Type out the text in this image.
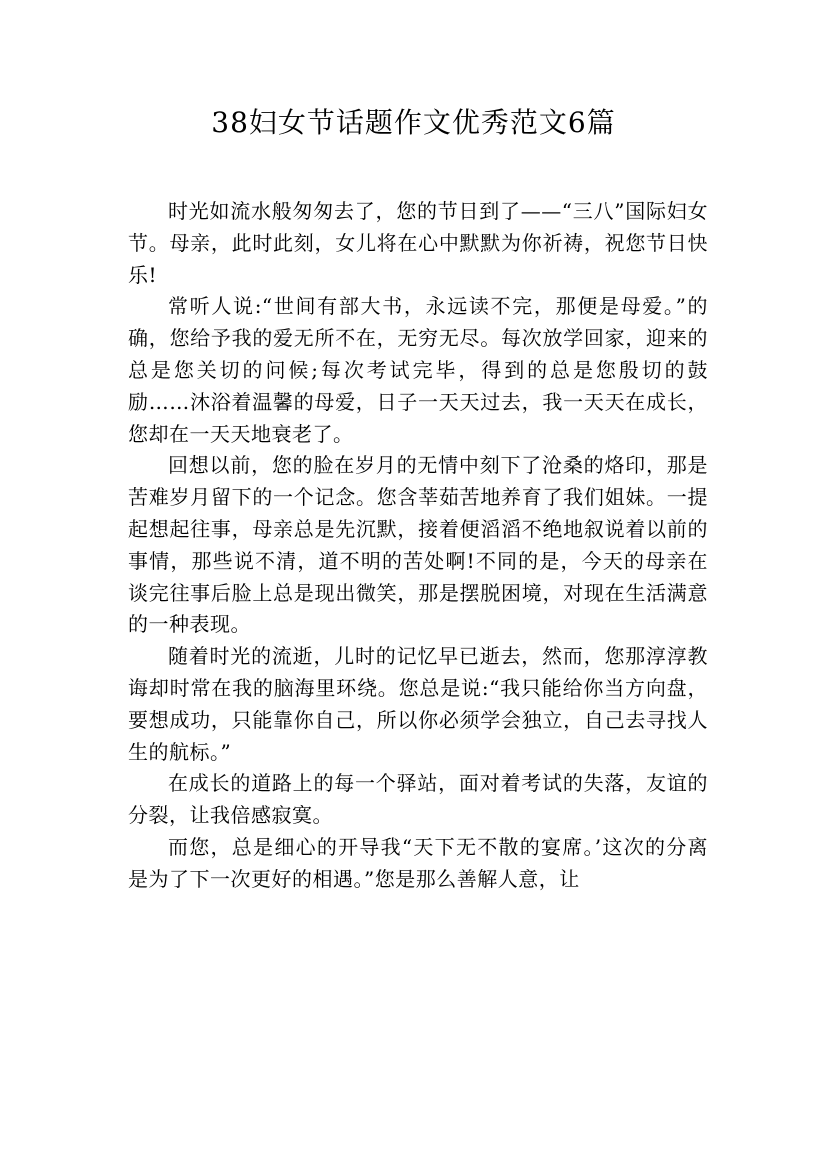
38妇女节话题作文优秀范文6篇

时光如流水般匆匆去了，您的节日到了——“三八”国际妇女节。母亲，此时此刻，女儿将在心中默默为你祈祷，祝您节日快乐!

常听人说:“世间有部大书，永远读不完，那便是母爱。”的确，您给予我的爱无所不在，无穷无尽。每次放学回家，迎来的总是您关切的问候;每次考试完毕，得到的总是您殷切的鼓励……沐浴着温馨的母爱，日子一天天过去，我一天天在成长，您却在一天天地衰老了。

回想以前，您的脸在岁月的无情中刻下了沧桑的烙印，那是苦难岁月留下的一个记念。您含莘茹苦地养育了我们姐妹。一提起想起往事，母亲总是先沉默，接着便滔滔不绝地叙说着以前的事情，那些说不清，道不明的苦处啊!不同的是，今天的母亲在谈完往事后脸上总是现出微笑，那是摆脱困境，对现在生活满意的一种表现。

随着时光的流逝，儿时的记忆早已逝去，然而，您那淳淳教诲却时常在我的脑海里环绕。您总是说:“我只能给你当方向盘，要想成功，只能靠你自己，所以你必须学会独立，自己去寻找人生的航标。”

在成长的道路上的每一个驿站，面对着考试的失落，友谊的分裂，让我倍感寂寞。

而您，总是细心的开导我“天下无不散的宴席。’这次的分离是为了下一次更好的相遇。”您是那么善解人意，让
